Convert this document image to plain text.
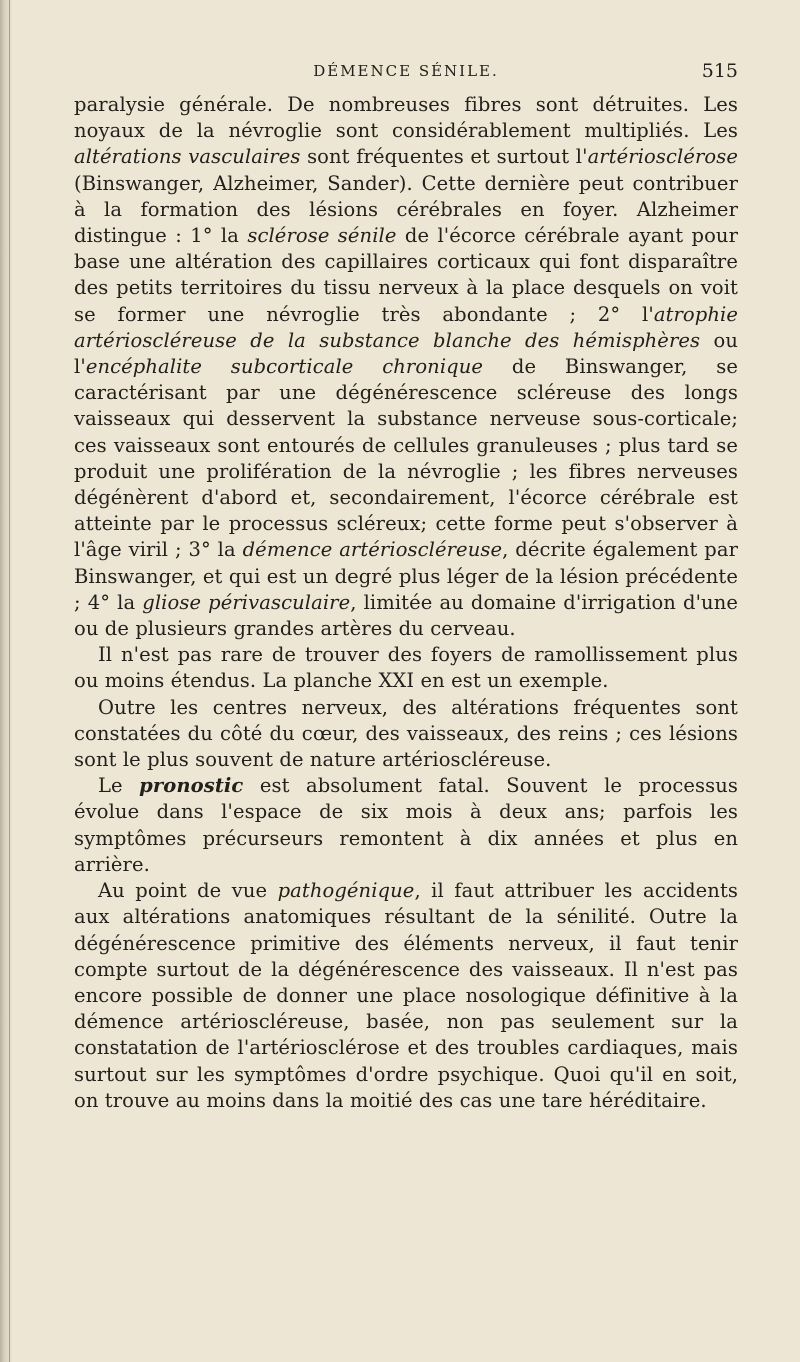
DÉMENCE SÉNILE.	515

paralysie générale. De nombreuses fibres sont détruites. Les noyaux de la névroglie sont considérablement multipliés. Les altérations vasculaires sont fréquentes et surtout l'artériosclérose (Binswanger, Alzheimer, Sander). Cette dernière peut contribuer à la formation des lésions cérébrales en foyer. Alzheimer distingue : 1° la sclérose sénile de l'écorce cérébrale ayant pour base une altération des capillaires corticaux qui font disparaître des petits territoires du tissu nerveux à la place desquels on voit se former une névroglie très abondante ; 2° l'atrophie artérioscléreuse de la substance blanche des hémisphères ou l'encéphalite subcorticale chronique de Binswanger, se caractérisant par une dégénérescence scléreuse des longs vaisseaux qui desservent la substance nerveuse sous-corticale; ces vaisseaux sont entourés de cellules granuleuses ; plus tard se produit une prolifération de la névroglie ; les fibres nerveuses dégénèrent d'abord et, secondairement, l'écorce cérébrale est atteinte par le processus scléreux; cette forme peut s'observer à l'âge viril ; 3° la démence artérioscléreuse, décrite également par Binswanger, et qui est un degré plus léger de la lésion précédente ; 4° la gliose périvasculaire, limitée au domaine d'irrigation d'une ou de plusieurs grandes artères du cerveau.

Il n'est pas rare de trouver des foyers de ramollissement plus ou moins étendus. La planche XXI en est un exemple.

Outre les centres nerveux, des altérations fréquentes sont constatées du côté du cœur, des vaisseaux, des reins ; ces lésions sont le plus souvent de nature artérioscléreuse.

Le pronostic est absolument fatal. Souvent le processus évolue dans l'espace de six mois à deux ans; parfois les symptômes précurseurs remontent à dix années et plus en arrière.

Au point de vue pathogénique, il faut attribuer les accidents aux altérations anatomiques résultant de la sénilité. Outre la dégénérescence primitive des éléments nerveux, il faut tenir compte surtout de la dégénérescence des vaisseaux. Il n'est pas encore possible de donner une place nosologique définitive à la démence artérioscléreuse, basée, non pas seulement sur la constatation de l'artériosclérose et des troubles cardiaques, mais surtout sur les symptômes d'ordre psychique. Quoi qu'il en soit, on trouve au moins dans la moitié des cas une tare héréditaire.
